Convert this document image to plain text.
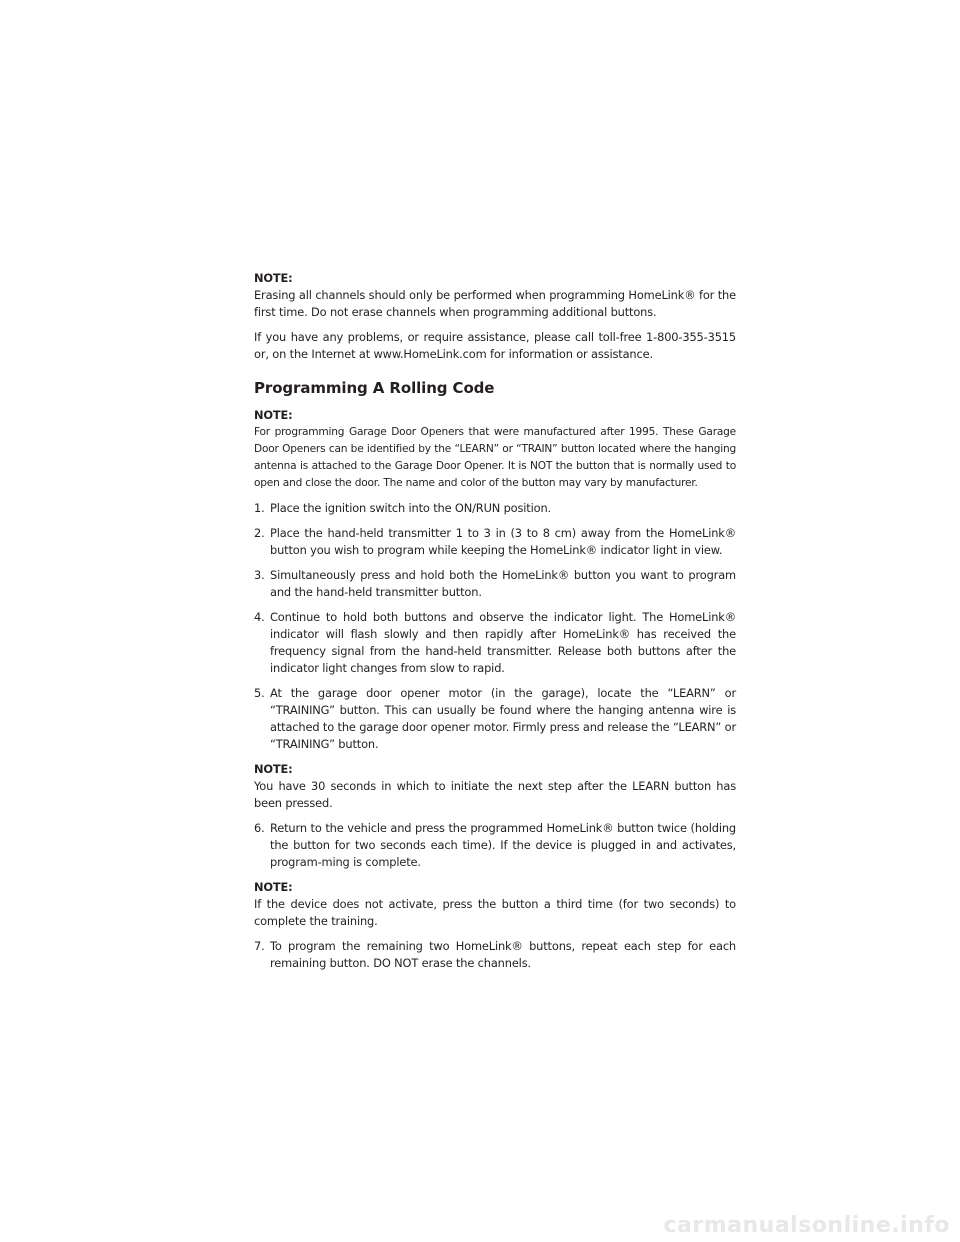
NOTE:

Erasing all channels should only be performed when programming HomeLink® for the first time. Do not erase channels when programming additional buttons.

If you have any problems, or require assistance, please call toll-free 1-800-355-3515 or, on the Internet at www.HomeLink.com for information or assistance.

Programming A Rolling Code

NOTE:

For programming Garage Door Openers that were manufactured after 1995. These Garage Door Openers can be identified by the “LEARN” or “TRAIN” button located where the hanging antenna is attached to the Garage Door Opener. It is NOT the button that is normally used to open and close the door. The name and color of the button may vary by manufacturer.

1. Place the ignition switch into the ON/RUN position.

2. Place the hand-held transmitter 1 to 3 in (3 to 8 cm) away from the HomeLink® button you wish to program while keeping the HomeLink® indicator light in view.

3. Simultaneously press and hold both the HomeLink® button you want to program and the hand-held transmitter button.

4. Continue to hold both buttons and observe the indicator light. The HomeLink® indicator will flash slowly and then rapidly after HomeLink® has received the frequency signal from the hand-held transmitter. Release both buttons after the indicator light changes from slow to rapid.

5. At the garage door opener motor (in the garage), locate the “LEARN” or “TRAINING” button. This can usually be found where the hanging antenna wire is attached to the garage door opener motor. Firmly press and release the “LEARN” or “TRAINING” button.

NOTE:

You have 30 seconds in which to initiate the next step after the LEARN button has been pressed.

6. Return to the vehicle and press the programmed HomeLink® button twice (holding the button for two seconds each time). If the device is plugged in and activates, program-ming is complete.

NOTE:

If the device does not activate, press the button a third time (for two seconds) to complete the training.

7. To program the remaining two HomeLink® buttons, repeat each step for each remaining button. DO NOT erase the channels.

carmanualsonline.info
